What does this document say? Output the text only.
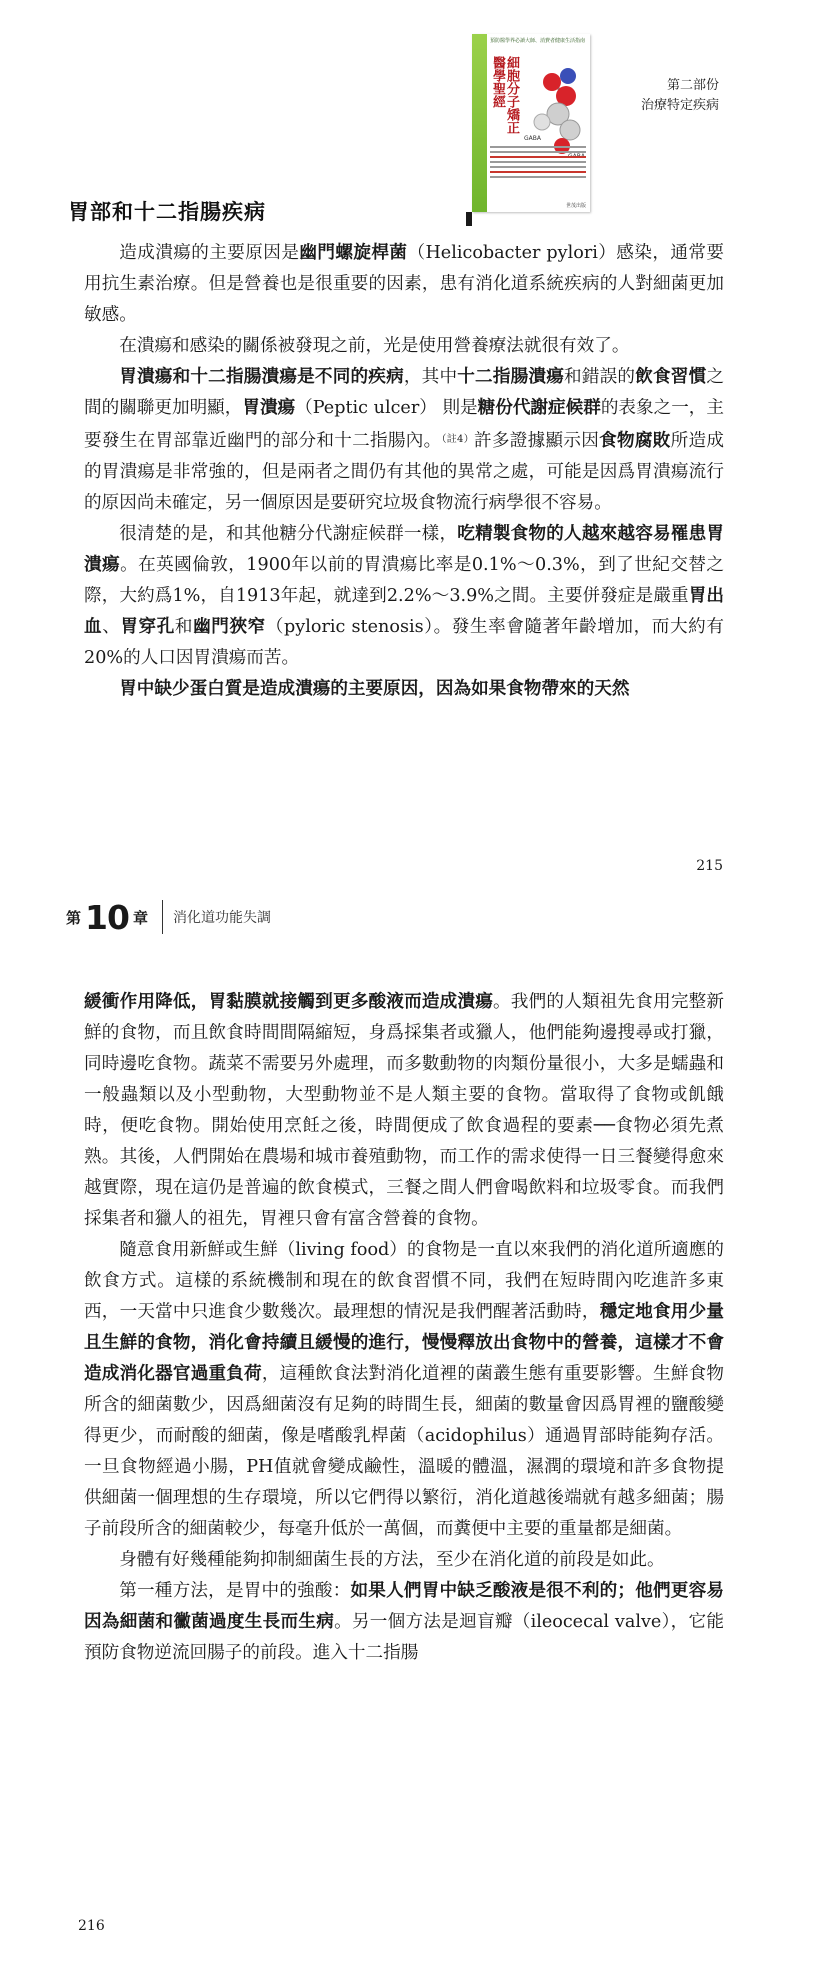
預防醫學界必讀大師、消費者健康生活指南
細胞分子矯正醫學聖經
GABA
世茂出版
第二部份
治療特定疾病
胃部和十二指腸疾病

造成潰瘍的主要原因是幽門螺旋桿菌（Helicobacter pylori）感染，通常要用抗生素治療。但是營養也是很重要的因素，患有消化道系統疾病的人對細菌更加敏感。

在潰瘍和感染的關係被發現之前，光是使用營養療法就很有效了。

胃潰瘍和十二指腸潰瘍是不同的疾病，其中十二指腸潰瘍和錯誤的飲食習慣之間的關聯更加明顯，胃潰瘍（Peptic ulcer） 則是糖份代謝症候群的表象之一，主要發生在胃部靠近幽門的部分和十二指腸內。$^{(註4)}$許多證據顯示因食物腐敗所造成的胃潰瘍是非常強的，但是兩者之間仍有其他的異常之處，可能是因爲胃潰瘍流行的原因尚未確定，另一個原因是要研究垃圾食物流行病學很不容易。

很清楚的是，和其他糖分代謝症候群一樣，吃精製食物的人越來越容易罹患胃潰瘍。在英國倫敦，1900年以前的胃潰瘍比率是0.1%～0.3%，到了世紀交替之際，大約爲1%，自1913年起，就達到2.2%～3.9%之間。主要併發症是嚴重胃出血、胃穿孔和幽門狹窄（pyloric stenosis）。發生率會隨著年齡增加，而大約有20%的人口因胃潰瘍而苦。

胃中缺少蛋白質是造成潰瘍的主要原因，因為如果食物帶來的天然

215
第 10 章 消化道功能失調

緩衝作用降低，胃黏膜就接觸到更多酸液而造成潰瘍。我們的人類祖先食用完整新鮮的食物，而且飲食時間間隔縮短，身爲採集者或獵人，他們能夠邊搜尋或打獵，同時邊吃食物。蔬菜不需要另外處理，而多數動物的肉類份量很小，大多是蠕蟲和一般蟲類以及小型動物，大型動物並不是人類主要的食物。當取得了食物或飢餓時，便吃食物。開始使用烹飪之後，時間便成了飲食過程的要素──食物必須先煮熟。其後，人們開始在農場和城市養殖動物，而工作的需求使得一日三餐變得愈來越實際，現在這仍是普遍的飲食模式，三餐之間人們會喝飲料和垃圾零食。而我們採集者和獵人的祖先，胃裡只會有富含營養的食物。

隨意食用新鮮或生鮮（living food）的食物是一直以來我們的消化道所適應的飲食方式。這樣的系統機制和現在的飲食習慣不同，我們在短時間內吃進許多東西，一天當中只進食少數幾次。最理想的情況是我們醒著活動時，穩定地食用少量且生鮮的食物，消化會持續且緩慢的進行，慢慢釋放出食物中的營養，這樣才不會造成消化器官過重負荷，這種飲食法對消化道裡的菌叢生態有重要影響。生鮮食物所含的細菌數少，因爲細菌沒有足夠的時間生長，細菌的數量會因爲胃裡的鹽酸變得更少，而耐酸的細菌，像是嗜酸乳桿菌（acidophilus）通過胃部時能夠存活。一旦食物經過小腸，PH值就會變成鹼性，溫暖的體溫，濕潤的環境和許多食物提供細菌一個理想的生存環境，所以它們得以繁衍，消化道越後端就有越多細菌；腸子前段所含的細菌較少，每毫升低於一萬個，而糞便中主要的重量都是細菌。

身體有好幾種能夠抑制細菌生長的方法，至少在消化道的前段是如此。

第一種方法，是胃中的強酸：如果人們胃中缺乏酸液是很不利的；他們更容易因為細菌和黴菌過度生長而生病。另一個方法是迴盲瓣（ileocecal valve），它能預防食物逆流回腸子的前段。進入十二指腸

216
